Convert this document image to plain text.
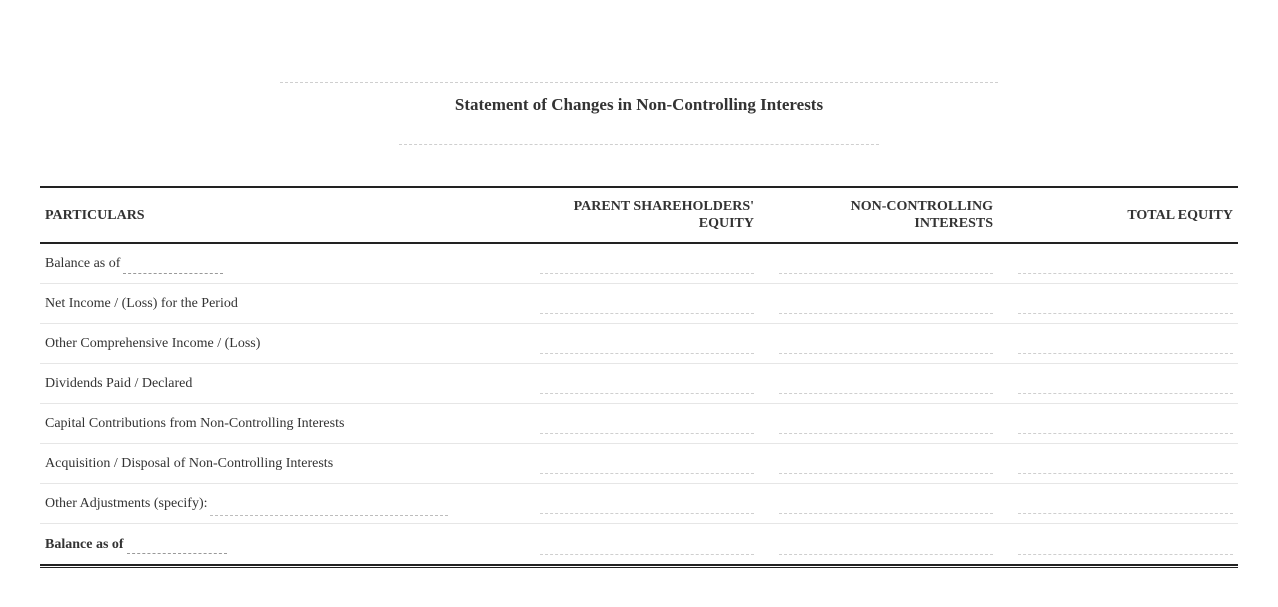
Statement of Changes in Non-Controlling Interests
PARTICULARS
PARENT SHAREHOLDERS'
EQUITY
NON-CONTROLLING
INTERESTS
TOTAL EQUITY
Balance as of
Net Income / (Loss) for the Period
Other Comprehensive Income / (Loss)
Dividends Paid / Declared
Capital Contributions from Non-Controlling Interests
Acquisition / Disposal of Non-Controlling Interests
Other Adjustments (specify):
Balance as of
